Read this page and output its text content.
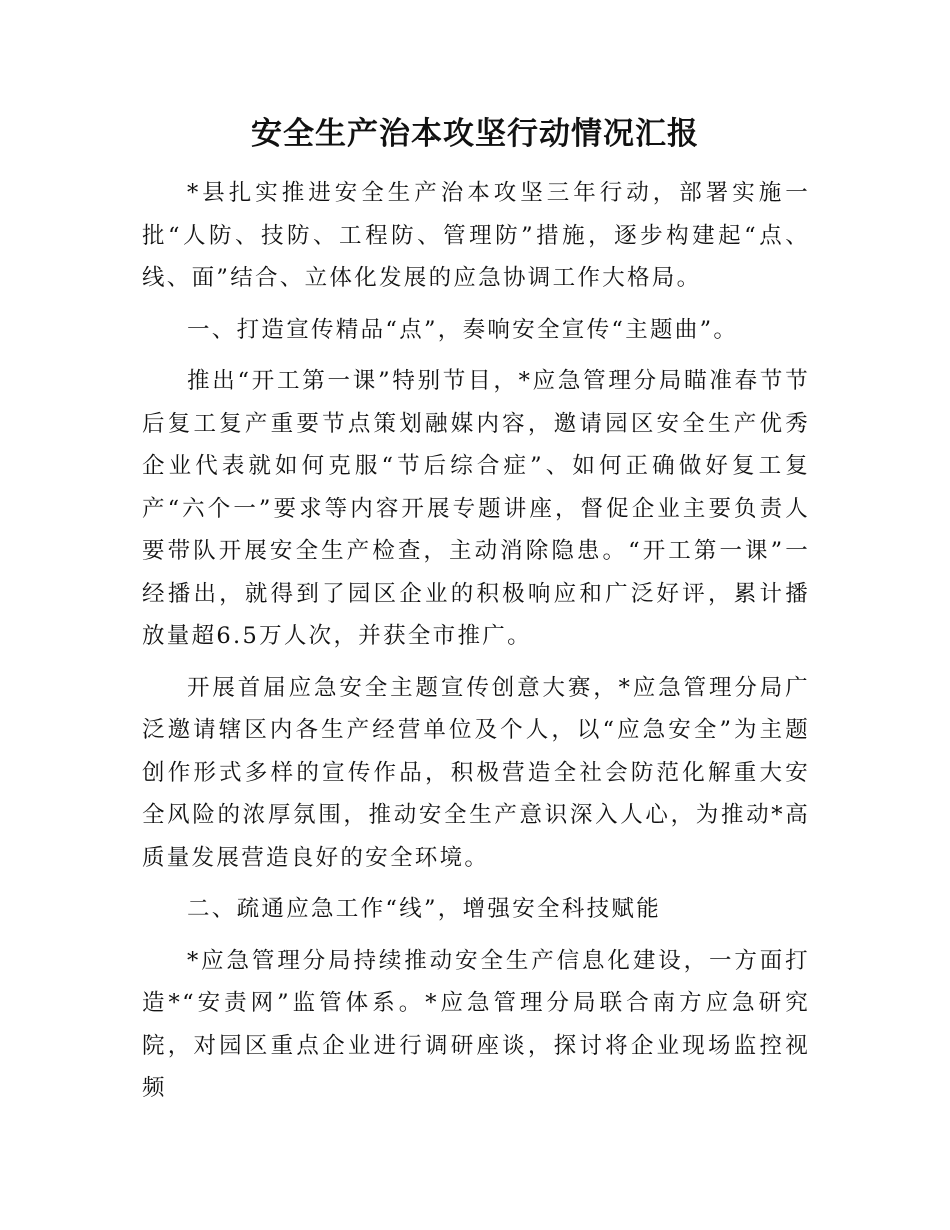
安全生产治本攻坚行动情况汇报

*县扎实推进安全生产治本攻坚三年行动，部署实施一批“人防、技防、工程防、管理防”措施，逐步构建起“点、线、面”结合、立体化发展的应急协调工作大格局。

一、打造宣传精品“点”，奏响安全宣传“主题曲”。

推出“开工第一课”特别节目，*应急管理分局瞄准春节节后复工复产重要节点策划融媒内容，邀请园区安全生产优秀企业代表就如何克服“节后综合症”、如何正确做好复工复产“六个一”要求等内容开展专题讲座，督促企业主要负责人要带队开展安全生产检查，主动消除隐患。“开工第一课”一经播出，就得到了园区企业的积极响应和广泛好评，累计播放量超6.5万人次，并获全市推广。

开展首届应急安全主题宣传创意大赛，*应急管理分局广泛邀请辖区内各生产经营单位及个人，以“应急安全”为主题创作形式多样的宣传作品，积极营造全社会防范化解重大安全风险的浓厚氛围，推动安全生产意识深入人心，为推动*高质量发展营造良好的安全环境。

二、疏通应急工作“线”，增强安全科技赋能

*应急管理分局持续推动安全生产信息化建设，一方面打造*“安责网”监管体系。*应急管理分局联合南方应急研究院，对园区重点企业进行调研座谈，探讨将企业现场监控视频
